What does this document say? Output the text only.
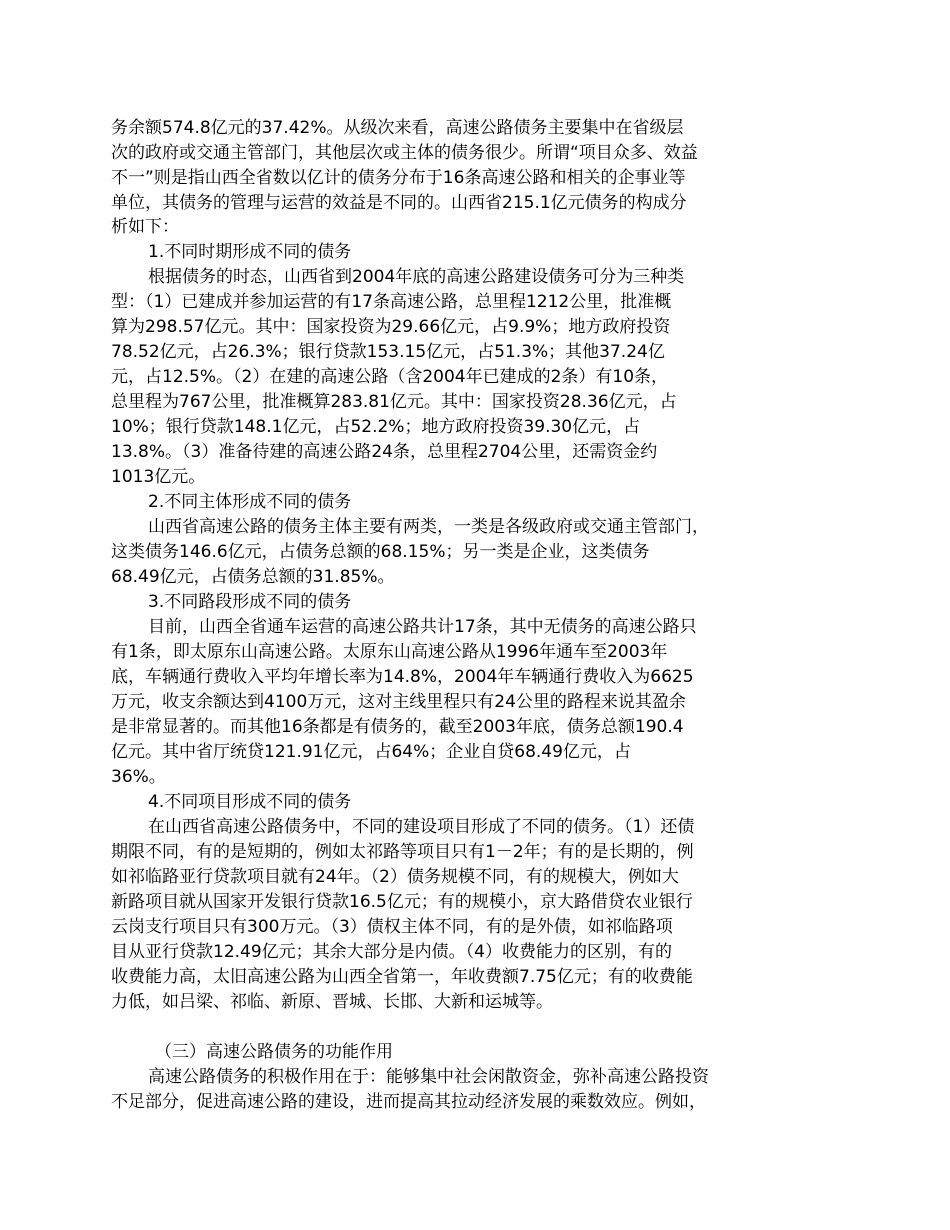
务余额574.8亿元的37.42%。从级次来看，高速公路债务主要集中在省级层
次的政府或交通主管部门，其他层次或主体的债务很少。所谓“项目众多、效益
不一”则是指山西全省数以亿计的债务分布于16条高速公路和相关的企事业等
单位，其债务的管理与运营的效益是不同的。山西省215.1亿元债务的构成分
析如下：
1.不同时期形成不同的债务
根据债务的时态，山西省到2004年底的高速公路建设债务可分为三种类
型：（1）已建成并参加运营的有17条高速公路，总里程1212公里，批准概
算为298.57亿元。其中：国家投资为29.66亿元，占9.9%；地方政府投资
78.52亿元，占26.3%；银行贷款153.15亿元，占51.3%；其他37.24亿
元，占12.5%。（2）在建的高速公路（含2004年已建成的2条）有10条，
总里程为767公里，批准概算283.81亿元。其中：国家投资28.36亿元，占
10%；银行贷款148.1亿元，占52.2%；地方政府投资39.30亿元，占
13.8%。（3）准备待建的高速公路24条，总里程2704公里，还需资金约
1013亿元。
2.不同主体形成不同的债务
山西省高速公路的债务主体主要有两类，一类是各级政府或交通主管部门，
这类债务146.6亿元，占债务总额的68.15%；另一类是企业，这类债务
68.49亿元，占债务总额的31.85%。
3.不同路段形成不同的债务
目前，山西全省通车运营的高速公路共计17条，其中无债务的高速公路只
有1条，即太原东山高速公路。太原东山高速公路从1996年通车至2003年
底，车辆通行费收入平均年增长率为14.8%，2004年车辆通行费收入为6625
万元，收支余额达到4100万元，这对主线里程只有24公里的路程来说其盈余
是非常显著的。而其他16条都是有债务的，截至2003年底，债务总额190.4
亿元。其中省厅统贷121.91亿元，占64%；企业自贷68.49亿元，占
36%。
4.不同项目形成不同的债务
在山西省高速公路债务中，不同的建设项目形成了不同的债务。（1）还债
期限不同，有的是短期的，例如太祁路等项目只有1－2年；有的是长期的，例
如祁临路亚行贷款项目就有24年。（2）债务规模不同，有的规模大，例如大
新路项目就从国家开发银行贷款16.5亿元；有的规模小，京大路借贷农业银行
云岗支行项目只有300万元。（3）债权主体不同，有的是外债，如祁临路项
目从亚行贷款12.49亿元；其余大部分是内债。（4）收费能力的区别，有的
收费能力高，太旧高速公路为山西全省第一，年收费额7.75亿元；有的收费能
力低，如吕梁、祁临、新原、晋城、长邯、大新和运城等。
（三）高速公路债务的功能作用
高速公路债务的积极作用在于：能够集中社会闲散资金，弥补高速公路投资
不足部分，促进高速公路的建设，进而提高其拉动经济发展的乘数效应。例如，
